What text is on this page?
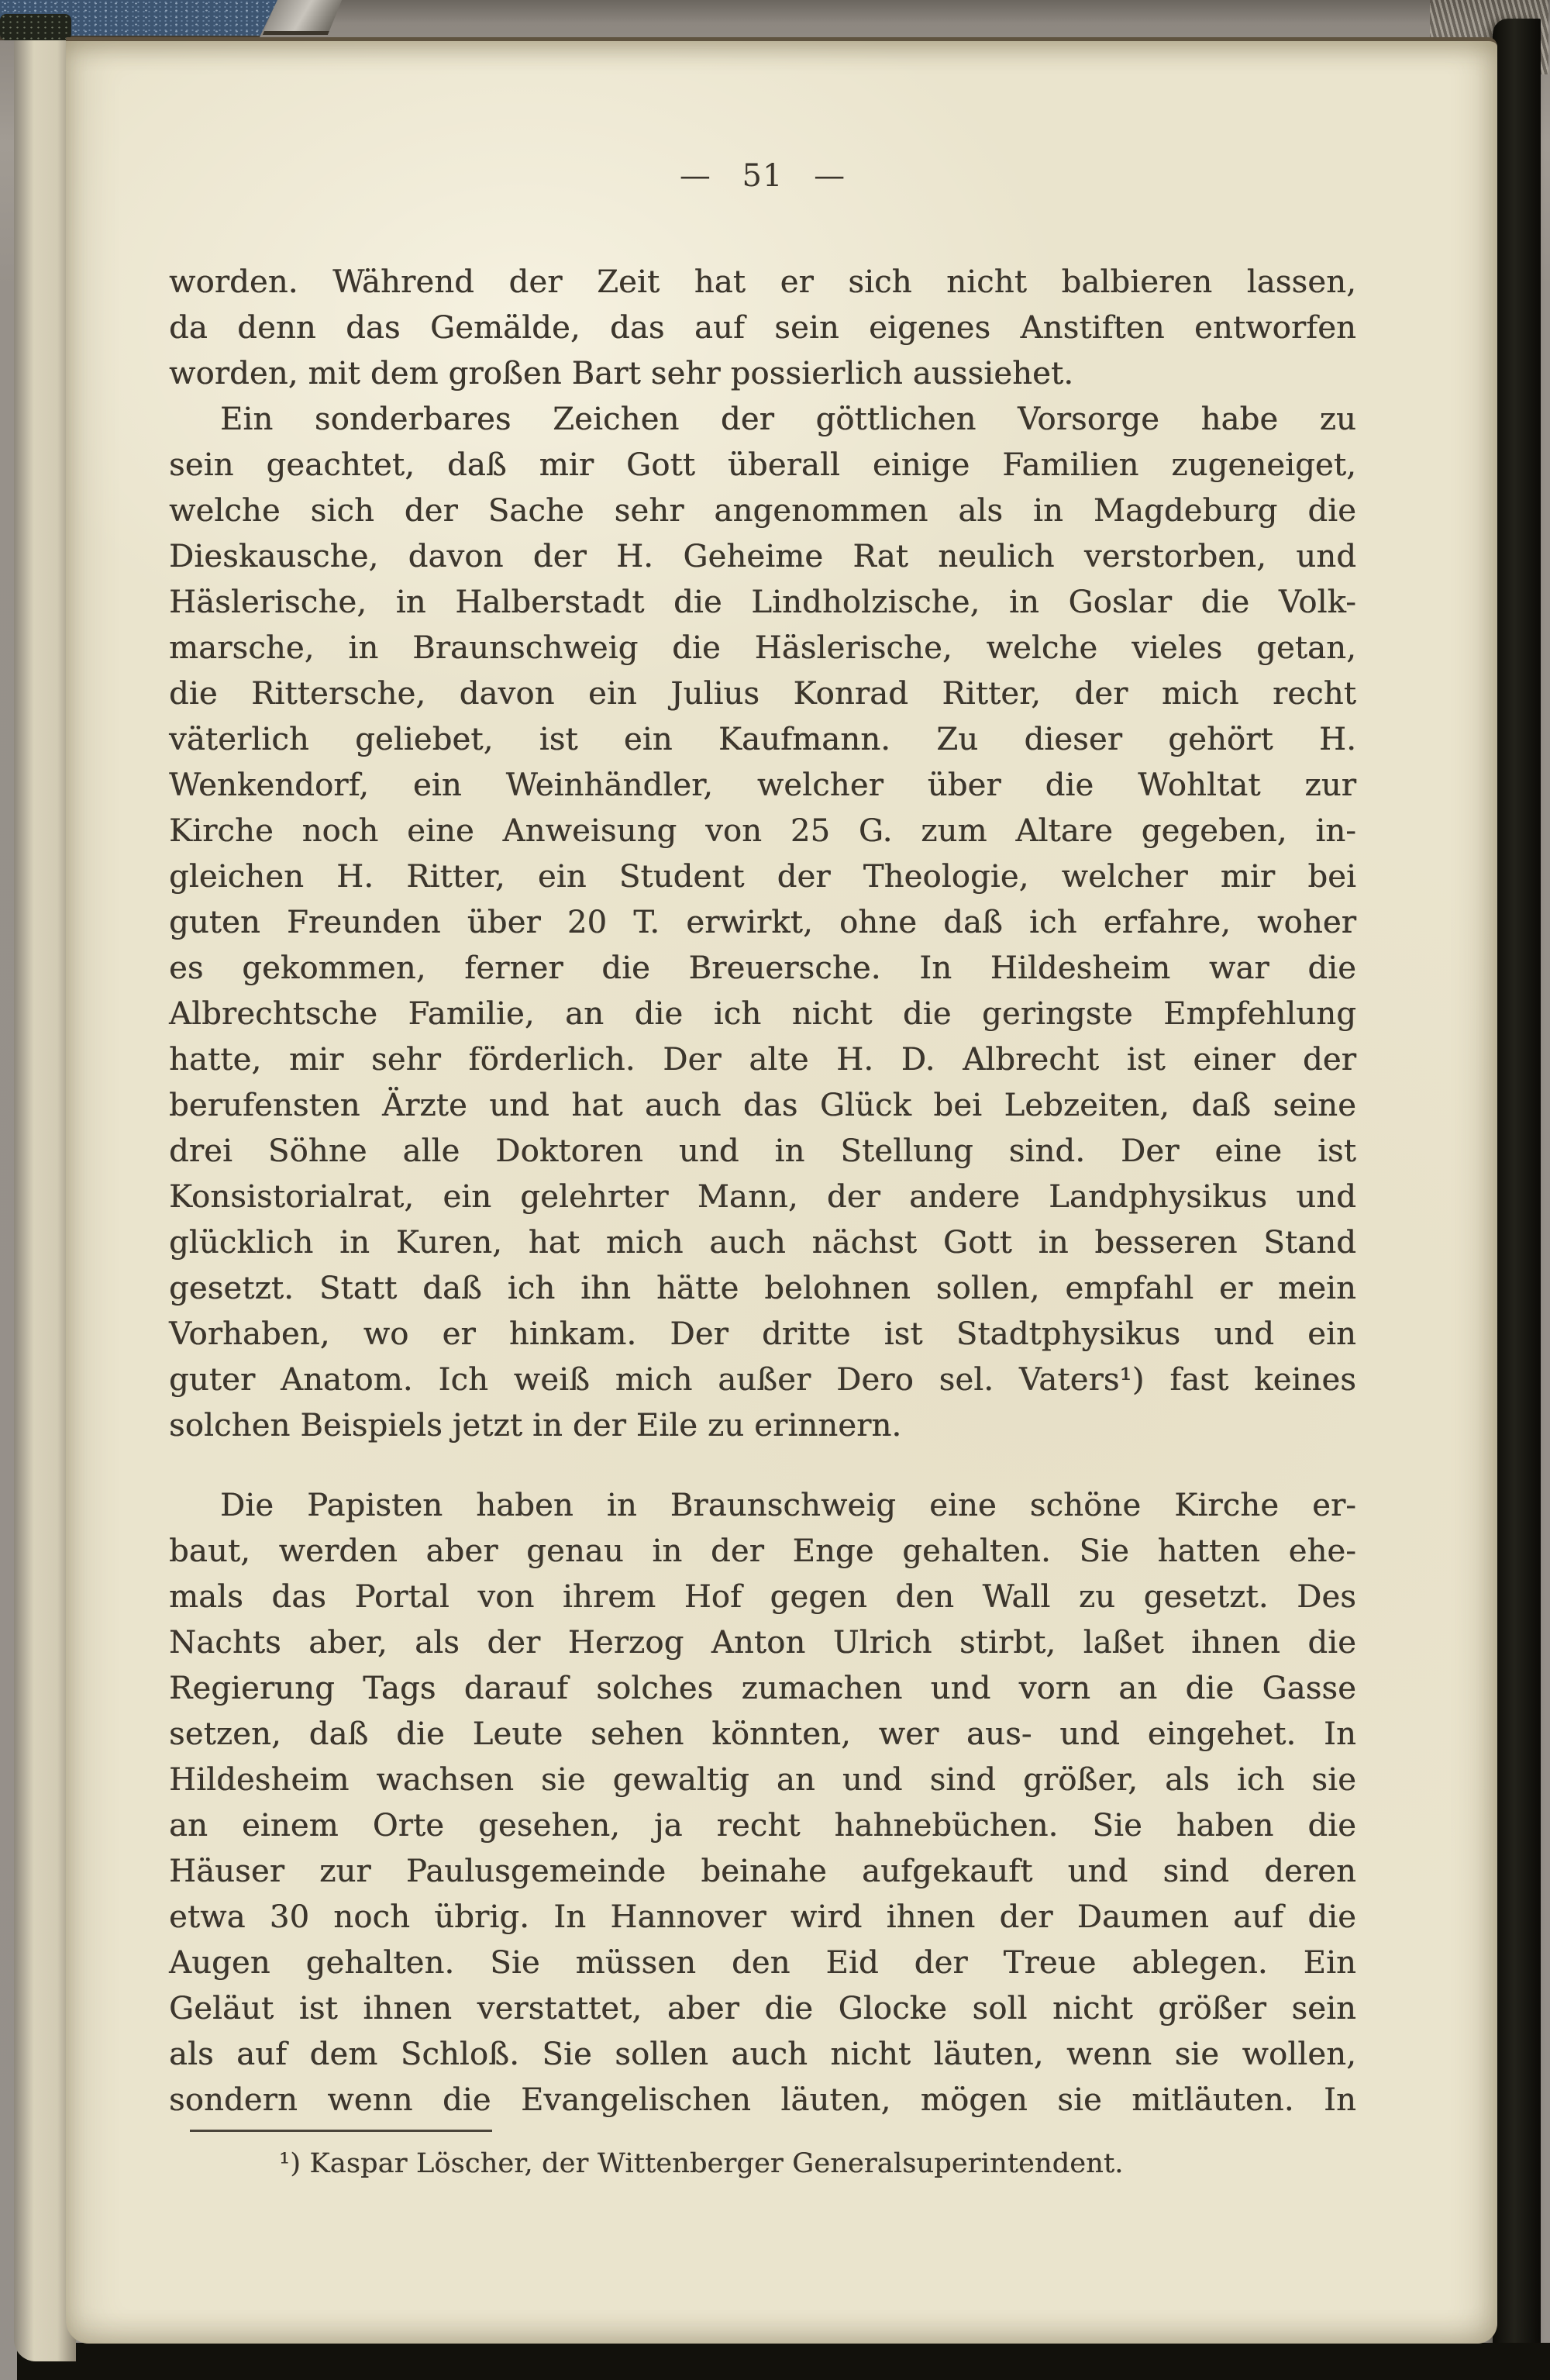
— 51 —
worden. Während der Zeit hat er sich nicht balbieren lassen,
da denn das Gemälde, das auf sein eigenes Anstiften entworfen
worden, mit dem großen Bart sehr possierlich aussiehet.
Ein sonderbares Zeichen der göttlichen Vorsorge habe zu
sein geachtet, daß mir Gott überall einige Familien zugeneiget,
welche sich der Sache sehr angenommen als in Magdeburg die
Dieskausche, davon der H. Geheime Rat neulich verstorben, und
Häslerische, in Halberstadt die Lindholzische, in Goslar die Volk-
marsche, in Braunschweig die Häslerische, welche vieles getan,
die Rittersche, davon ein Julius Konrad Ritter, der mich recht
väterlich geliebet, ist ein Kaufmann. Zu dieser gehört H.
Wenkendorf, ein Weinhändler, welcher über die Wohltat zur
Kirche noch eine Anweisung von 25 G. zum Altare gegeben, in-
gleichen H. Ritter, ein Student der Theologie, welcher mir bei
guten Freunden über 20 T. erwirkt, ohne daß ich erfahre, woher
es gekommen, ferner die Breuersche. In Hildesheim war die
Albrechtsche Familie, an die ich nicht die geringste Empfehlung
hatte, mir sehr förderlich. Der alte H. D. Albrecht ist einer der
berufensten Ärzte und hat auch das Glück bei Lebzeiten, daß seine
drei Söhne alle Doktoren und in Stellung sind. Der eine ist
Konsistorialrat, ein gelehrter Mann, der andere Landphysikus und
glücklich in Kuren, hat mich auch nächst Gott in besseren Stand
gesetzt. Statt daß ich ihn hätte belohnen sollen, empfahl er mein
Vorhaben, wo er hinkam. Der dritte ist Stadtphysikus und ein
guter Anatom. Ich weiß mich außer Dero sel. Vaters¹) fast keines
solchen Beispiels jetzt in der Eile zu erinnern.
Die Papisten haben in Braunschweig eine schöne Kirche er-
baut, werden aber genau in der Enge gehalten. Sie hatten ehe-
mals das Portal von ihrem Hof gegen den Wall zu gesetzt. Des
Nachts aber, als der Herzog Anton Ulrich stirbt, laßet ihnen die
Regierung Tags darauf solches zumachen und vorn an die Gasse
setzen, daß die Leute sehen könnten, wer aus- und eingehet. In
Hildesheim wachsen sie gewaltig an und sind größer, als ich sie
an einem Orte gesehen, ja recht hahnebüchen. Sie haben die
Häuser zur Paulusgemeinde beinahe aufgekauft und sind deren
etwa 30 noch übrig. In Hannover wird ihnen der Daumen auf die
Augen gehalten. Sie müssen den Eid der Treue ablegen. Ein
Geläut ist ihnen verstattet, aber die Glocke soll nicht größer sein
als auf dem Schloß. Sie sollen auch nicht läuten, wenn sie wollen,
sondern wenn die Evangelischen läuten, mögen sie mitläuten. In
¹) Kaspar Löscher, der Wittenberger Generalsuperintendent.
